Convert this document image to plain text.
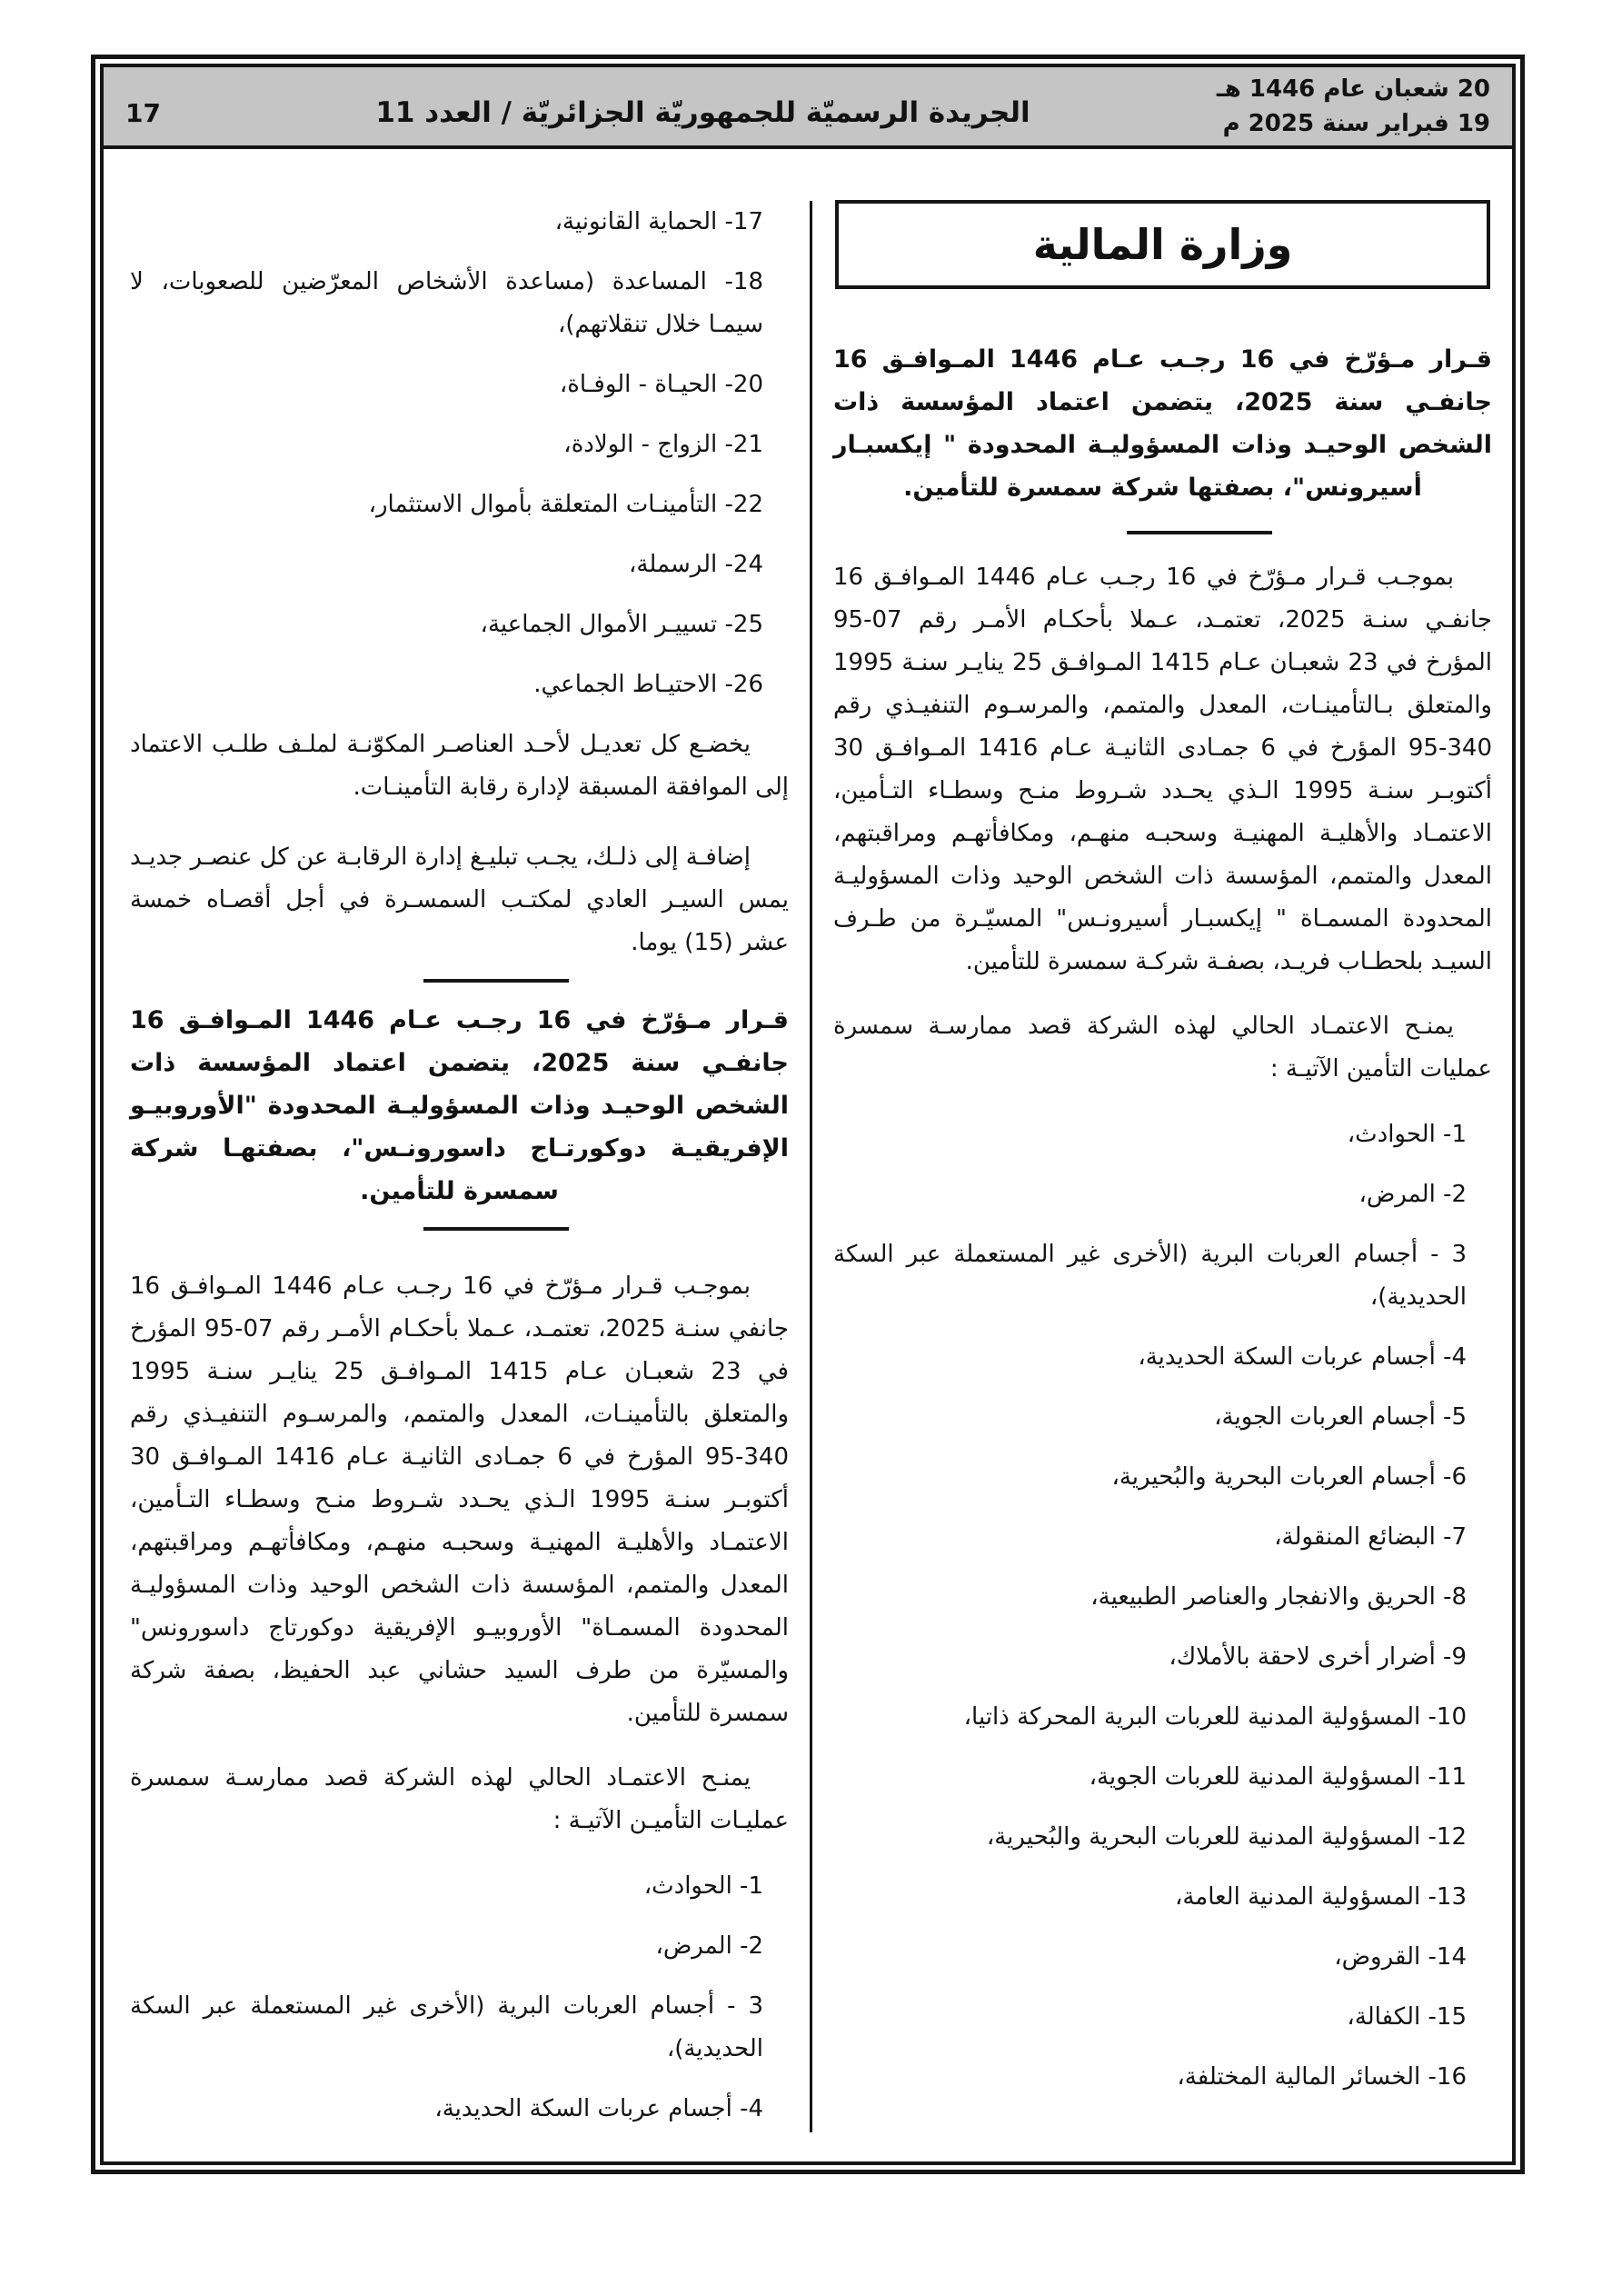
20 شعبان عام 1446 هـ
19 فبراير سنة 2025 م
الجريدة الرسميّة للجمهوريّة الجزائريّة / العدد 11
17
وزارة المالية
قـرار مـؤرّخ في 16 رجـب عـام 1446 المـوافـق 16 جانفـي سنة 2025، يتضمن اعتماد المؤسسة ذات الشخص الوحيـد وذات المسؤوليـة المحدودة " إيكسبـار أسيرونس"، بصفتها شركة سمسرة للتأمين.

بموجـب قـرار مـؤرّخ في 16 رجـب عـام 1446 المـوافـق 16 جانفـي سنـة 2025، تعتمـد، عـملا بأحكـام الأمـر رقم 07-95 المؤرخ في 23 شعبـان عـام 1415 المـوافـق 25 ينايـر سنـة 1995 والمتعلق بـالتأمينـات، المعدل والمتمم، والمرسـوم التنفيـذي رقم 340-95 المؤرخ في 6 جمـادى الثانيـة عـام 1416 المـوافـق 30 أكتوبـر سنـة 1995 الـذي يحـدد شـروط منـح وسطـاء التـأمين، الاعتمـاد والأهليـة المهنيـة وسحبـه منهـم، ومكافأتهـم ومراقبتهم، المعدل والمتمم، المؤسسة ذات الشخص الوحيد وذات المسؤوليـة المحدودة المسمـاة " إيكسبـار أسيرونـس" المسيّـرة من طـرف السيـد بلحطـاب فريـد، بصفـة شركـة سمسرة للتأمين.

يمنـح الاعتمـاد الحالي لهذه الشركة قصد ممارسـة سمسرة عمليات التأمين الآتيـة :

1- الحوادث،
2- المرض،
3 - أجسام العربات البرية (الأخرى غير المستعملة عبر السكة الحديدية)،
4- أجسام عربات السكة الحديدية،
5- أجسام العربات الجوية،
6- أجسام العربات البحرية والبُحيرية،
7- البضائع المنقولة،
8- الحريق والانفجار والعناصر الطبيعية،
9- أضرار أخرى لاحقة بالأملاك،
10- المسؤولية المدنية للعربات البرية المحركة ذاتيا،
11- المسؤولية المدنية للعربات الجوية،
12- المسؤولية المدنية للعربات البحرية والبُحيرية،
13- المسؤولية المدنية العامة،
14- القروض،
15- الكفالة،
16- الخسائر المالية المختلفة،
17- الحماية القانونية،
18- المساعدة (مساعدة الأشخاص المعرّضين للصعوبات، لا سيمـا خلال تنقلاتهم)،
20- الحيـاة - الوفـاة،
21- الزواج - الولادة،
22- التأمينـات المتعلقة بأموال الاستثمار،
24- الرسملة،
25- تسييـر الأموال الجماعية،
26- الاحتيـاط الجماعي.

يخضـع كل تعديـل لأحـد العناصـر المكوّنـة لملـف طلـب الاعتماد إلى الموافقة المسبقة لإدارة رقابة التأمينـات.

إضافـة إلى ذلـك، يجـب تبليـغ إدارة الرقابـة عن كل عنصـر جديـد يمس السيـر العادي لمكتـب السمسـرة في أجل أقصـاه خمسة عشر (15) يوما.

قـرار مـؤرّخ في 16 رجـب عـام 1446 المـوافـق 16 جانفـي سنة 2025، يتضمن اعتماد المؤسسة ذات الشخص الوحيـد وذات المسؤوليـة المحدودة "الأوروبيـو الإفريقيـة دوكورتـاج داسورونـس"، بصفتهـا شركة سمسرة للتأمين.

بموجـب قـرار مـؤرّخ في 16 رجـب عـام 1446 المـوافـق 16 جانفي سنـة 2025، تعتمـد، عـملا بأحكـام الأمـر رقم 07-95 المؤرخ في 23 شعبـان عـام 1415 المـوافـق 25 ينايـر سنـة 1995 والمتعلق بالتأمينـات، المعدل والمتمم، والمرسـوم التنفيـذي رقم 340-95 المؤرخ في 6 جمـادى الثانيـة عـام 1416 المـوافـق 30 أكتوبـر سنـة 1995 الـذي يحـدد شـروط منـح وسطـاء التـأمين، الاعتمـاد والأهليـة المهنيـة وسحبـه منهـم، ومكافأتهـم ومراقبتهم، المعدل والمتمم، المؤسسة ذات الشخص الوحيد وذات المسؤوليـة المحدودة المسمـاة" الأوروبيـو الإفريقية دوكورتاج داسورونس" والمسيّرة من طرف السيد حشاني عبد الحفيظ، بصفة شركة سمسرة للتأمين.

يمنـح الاعتمـاد الحالي لهذه الشركة قصد ممارسـة سمسرة عمليـات التأميـن الآتيـة :

1- الحوادث،
2- المرض،
3 - أجسام العربات البرية (الأخرى غير المستعملة عبر السكة الحديدية)،
4- أجسام عربات السكة الحديدية،
